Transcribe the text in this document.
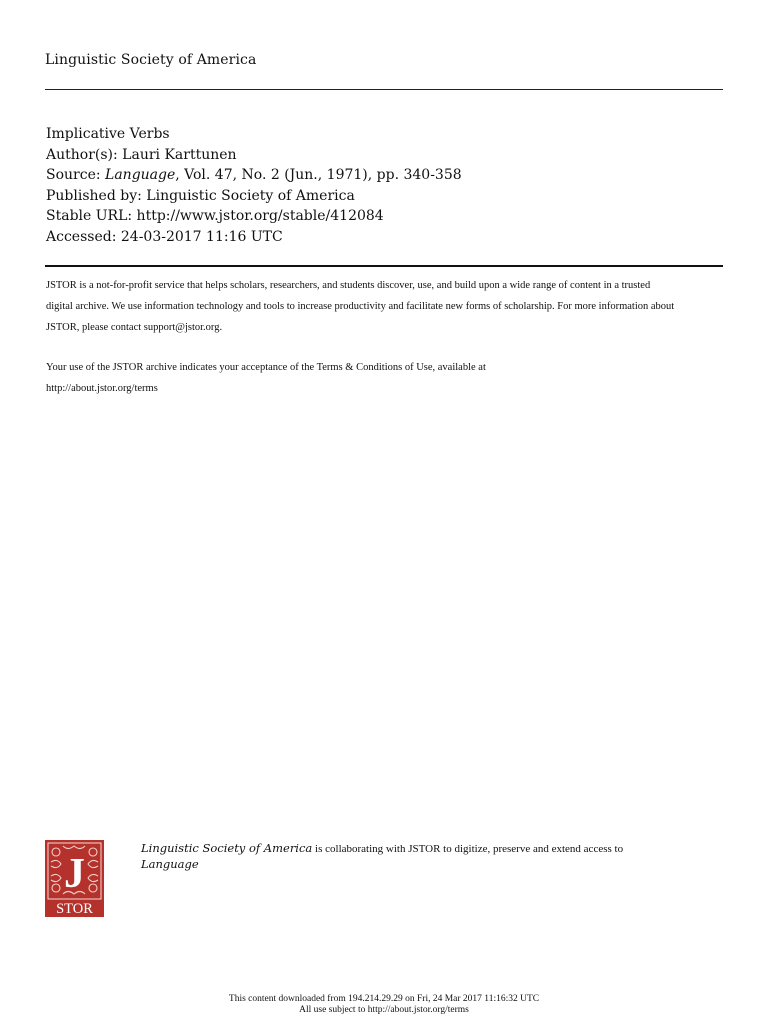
Linguistic Society of America
Implicative Verbs
Author(s): Lauri Karttunen
Source: Language, Vol. 47, No. 2 (Jun., 1971), pp. 340-358
Published by: Linguistic Society of America
Stable URL: http://www.jstor.org/stable/412084
Accessed: 24-03-2017 11:16 UTC
JSTOR is a not-for-profit service that helps scholars, researchers, and students discover, use, and build upon a wide range of content in a trusted
digital archive. We use information technology and tools to increase productivity and facilitate new forms of scholarship. For more information about
JSTOR, please contact support@jstor.org.
Your use of the JSTOR archive indicates your acceptance of the Terms & Conditions of Use, available at
http://about.jstor.org/terms
J
STOR
Linguistic Society of America is collaborating with JSTOR to digitize, preserve and extend access to
Language
This content downloaded from 194.214.29.29 on Fri, 24 Mar 2017 11:16:32 UTC
All use subject to http://about.jstor.org/terms
